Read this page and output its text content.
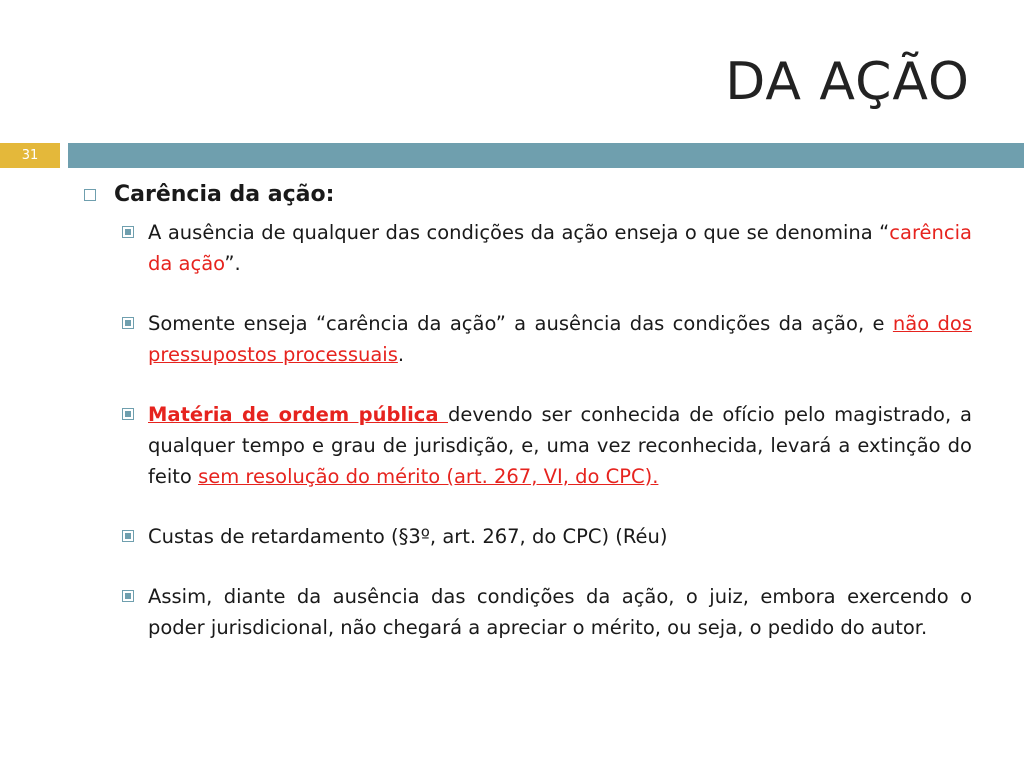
DA AÇÃO
31
Carência da ação:
A ausência de qualquer das condições da ação enseja o que se denomina “carência da ação”.
Somente enseja “carência da ação” a ausência das condições da ação, e não dos pressupostos processuais.
Matéria de ordem pública devendo ser conhecida de ofício pelo magistrado, a qualquer tempo e grau de jurisdição, e, uma vez reconhecida, levará a extinção do feito sem resolução do mérito (art. 267, VI, do CPC).
Custas de retardamento (§3º, art. 267, do CPC) (Réu)
Assim, diante da ausência das condições da ação, o juiz, embora exercendo o poder jurisdicional, não chegará a apreciar o mérito, ou seja, o pedido do autor.
